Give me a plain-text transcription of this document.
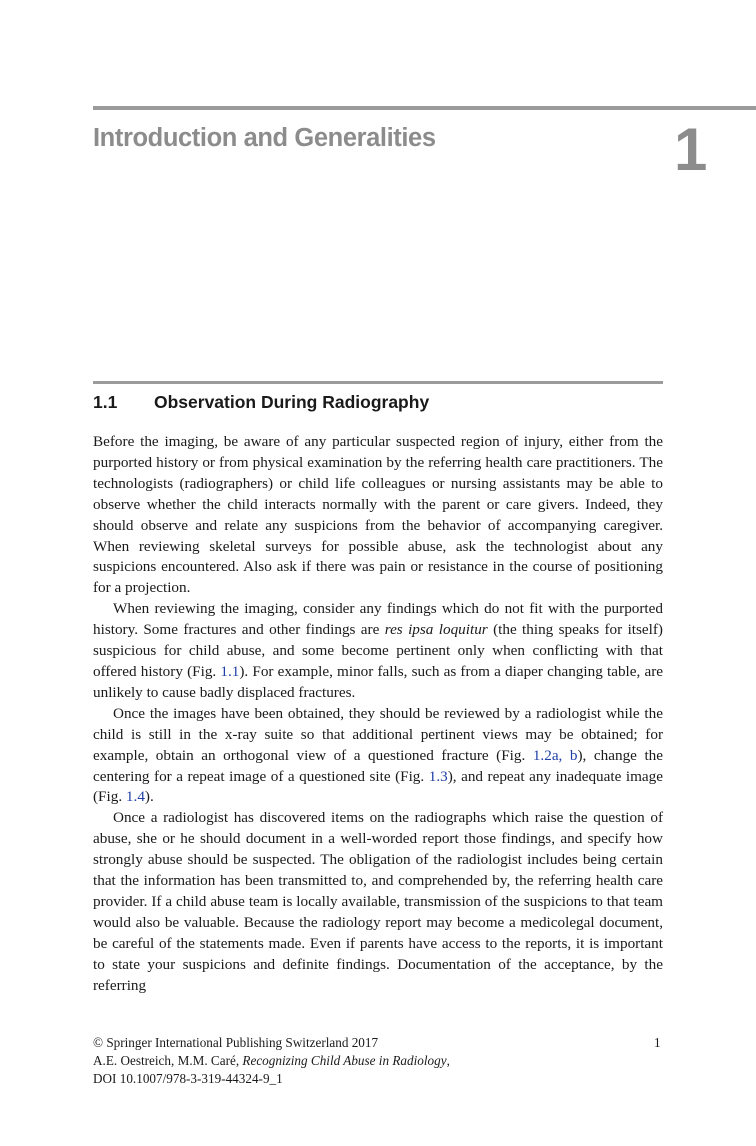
Introduction and Generalities	1
1.1 Observation During Radiography

Before the imaging, be aware of any particular suspected region of injury, either from the purported history or from physical examination by the referring health care practitioners. The technologists (radiographers) or child life colleagues or nursing assistants may be able to observe whether the child interacts normally with the parent or care givers. Indeed, they should observe and relate any suspicions from the behavior of accompanying caregiver. When reviewing skeletal surveys for possible abuse, ask the technologist about any suspicions encountered. Also ask if there was pain or resistance in the course of positioning for a projection.

When reviewing the imaging, consider any findings which do not fit with the purported history. Some fractures and other findings are res ipsa loquitur (the thing speaks for itself) suspicious for child abuse, and some become pertinent only when conflicting with that offered history (Fig. 1.1). For example, minor falls, such as from a diaper changing table, are unlikely to cause badly displaced fractures.

Once the images have been obtained, they should be reviewed by a radiologist while the child is still in the x-ray suite so that additional pertinent views may be obtained; for example, obtain an orthogonal view of a questioned fracture (Fig. 1.2a, b), change the centering for a repeat image of a questioned site (Fig. 1.3), and repeat any inadequate image (Fig. 1.4).

Once a radiologist has discovered items on the radiographs which raise the question of abuse, she or he should document in a well-worded report those findings, and specify how strongly abuse should be suspected. The obligation of the radiologist includes being certain that the information has been transmitted to, and comprehended by, the referring health care provider. If a child abuse team is locally available, transmission of the suspicions to that team would also be valuable. Because the radiology report may become a medicolegal document, be careful of the statements made. Even if parents have access to the reports, it is important to state your suspicions and definite findings. Documentation of the acceptance, by the referring

© Springer International Publishing Switzerland 2017
A.E. Oestreich, M.M. Caré, Recognizing Child Abuse in Radiology,
DOI 10.1007/978-3-319-44324-9_1
1
